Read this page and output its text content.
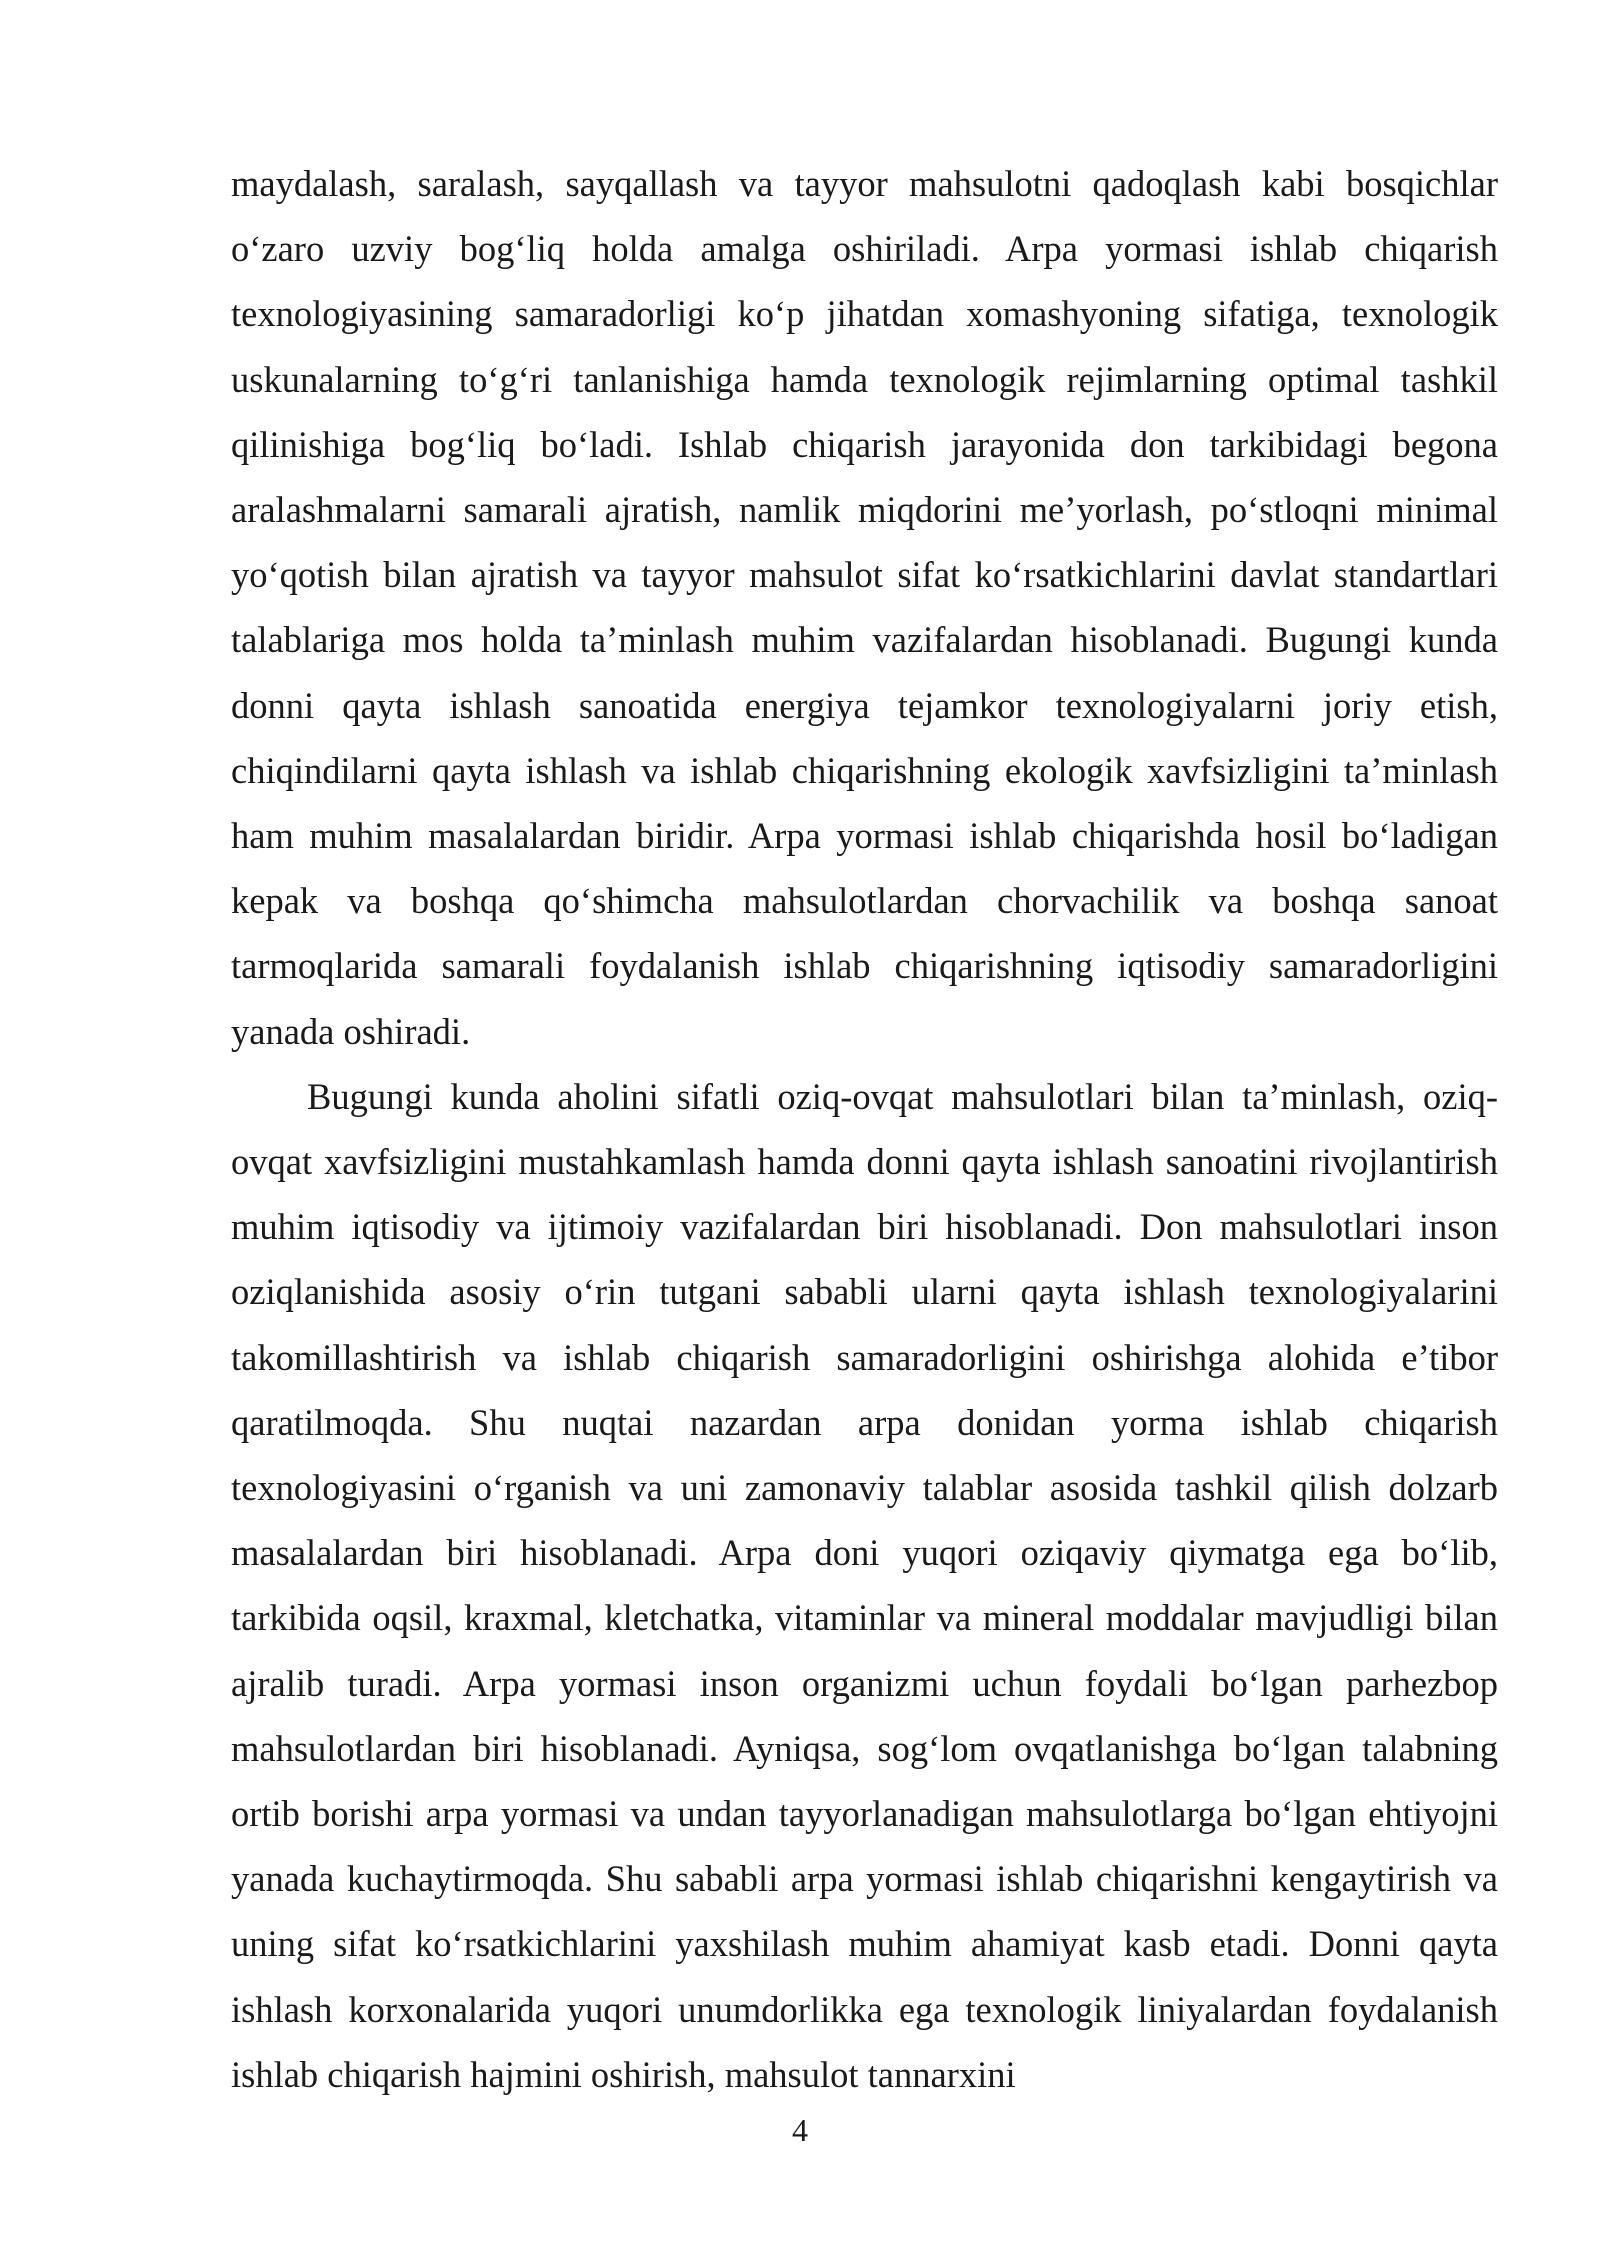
maydalash, saralash, sayqallash va tayyor mahsulotni qadoqlash kabi bosqichlar o‘zaro uzviy bog‘liq holda amalga oshiriladi. Arpa yormasi ishlab chiqarish texnologiyasining samaradorligi ko‘p jihatdan xomashyoning sifatiga, texnologik uskunalarning to‘g‘ri tanlanishiga hamda texnologik rejimlarning optimal tashkil qilinishiga bog‘liq bo‘ladi. Ishlab chiqarish jarayonida don tarkibidagi begona aralashmalarni samarali ajratish, namlik miqdorini me’yorlash, po‘stloqni minimal yo‘qotish bilan ajratish va tayyor mahsulot sifat ko‘rsatkichlarini davlat standartlari talablariga mos holda ta’minlash muhim vazifalardan hisoblanadi. Bugungi kunda donni qayta ishlash sanoatida energiya tejamkor texnologiyalarni joriy etish, chiqindilarni qayta ishlash va ishlab chiqarishning ekologik xavfsizligini ta’minlash ham muhim masalalardan biridir. Arpa yormasi ishlab chiqarishda hosil bo‘ladigan kepak va boshqa qo‘shimcha mahsulotlardan chorvachilik va boshqa sanoat tarmoqlarida samarali foydalanish ishlab chiqarishning iqtisodiy samaradorligini yanada oshiradi.

Bugungi kunda aholini sifatli oziq-ovqat mahsulotlari bilan ta’minlash, oziq-ovqat xavfsizligini mustahkamlash hamda donni qayta ishlash sanoatini rivojlantirish muhim iqtisodiy va ijtimoiy vazifalardan biri hisoblanadi. Don mahsulotlari inson oziqlanishida asosiy o‘rin tutgani sababli ularni qayta ishlash texnologiyalarini takomillashtirish va ishlab chiqarish samaradorligini oshirishga alohida e’tibor qaratilmoqda. Shu nuqtai nazardan arpa donidan yorma ishlab chiqarish texnologiyasini o‘rganish va uni zamonaviy talablar asosida tashkil qilish dolzarb masalalardan biri hisoblanadi. Arpa doni yuqori oziqaviy qiymatga ega bo‘lib, tarkibida oqsil, kraxmal, kletchatka, vitaminlar va mineral moddalar mavjudligi bilan ajralib turadi. Arpa yormasi inson organizmi uchun foydali bo‘lgan parhezbop mahsulotlardan biri hisoblanadi. Ayniqsa, sog‘lom ovqatlanishga bo‘lgan talabning ortib borishi arpa yormasi va undan tayyorlanadigan mahsulotlarga bo‘lgan ehtiyojni yanada kuchaytirmoqda. Shu sababli arpa yormasi ishlab chiqarishni kengaytirish va uning sifat ko‘rsatkichlarini yaxshilash muhim ahamiyat kasb etadi. Donni qayta ishlash korxonalarida yuqori unumdorlikka ega texnologik liniyalardan foydalanish ishlab chiqarish hajmini oshirish, mahsulot tannarxini

4
